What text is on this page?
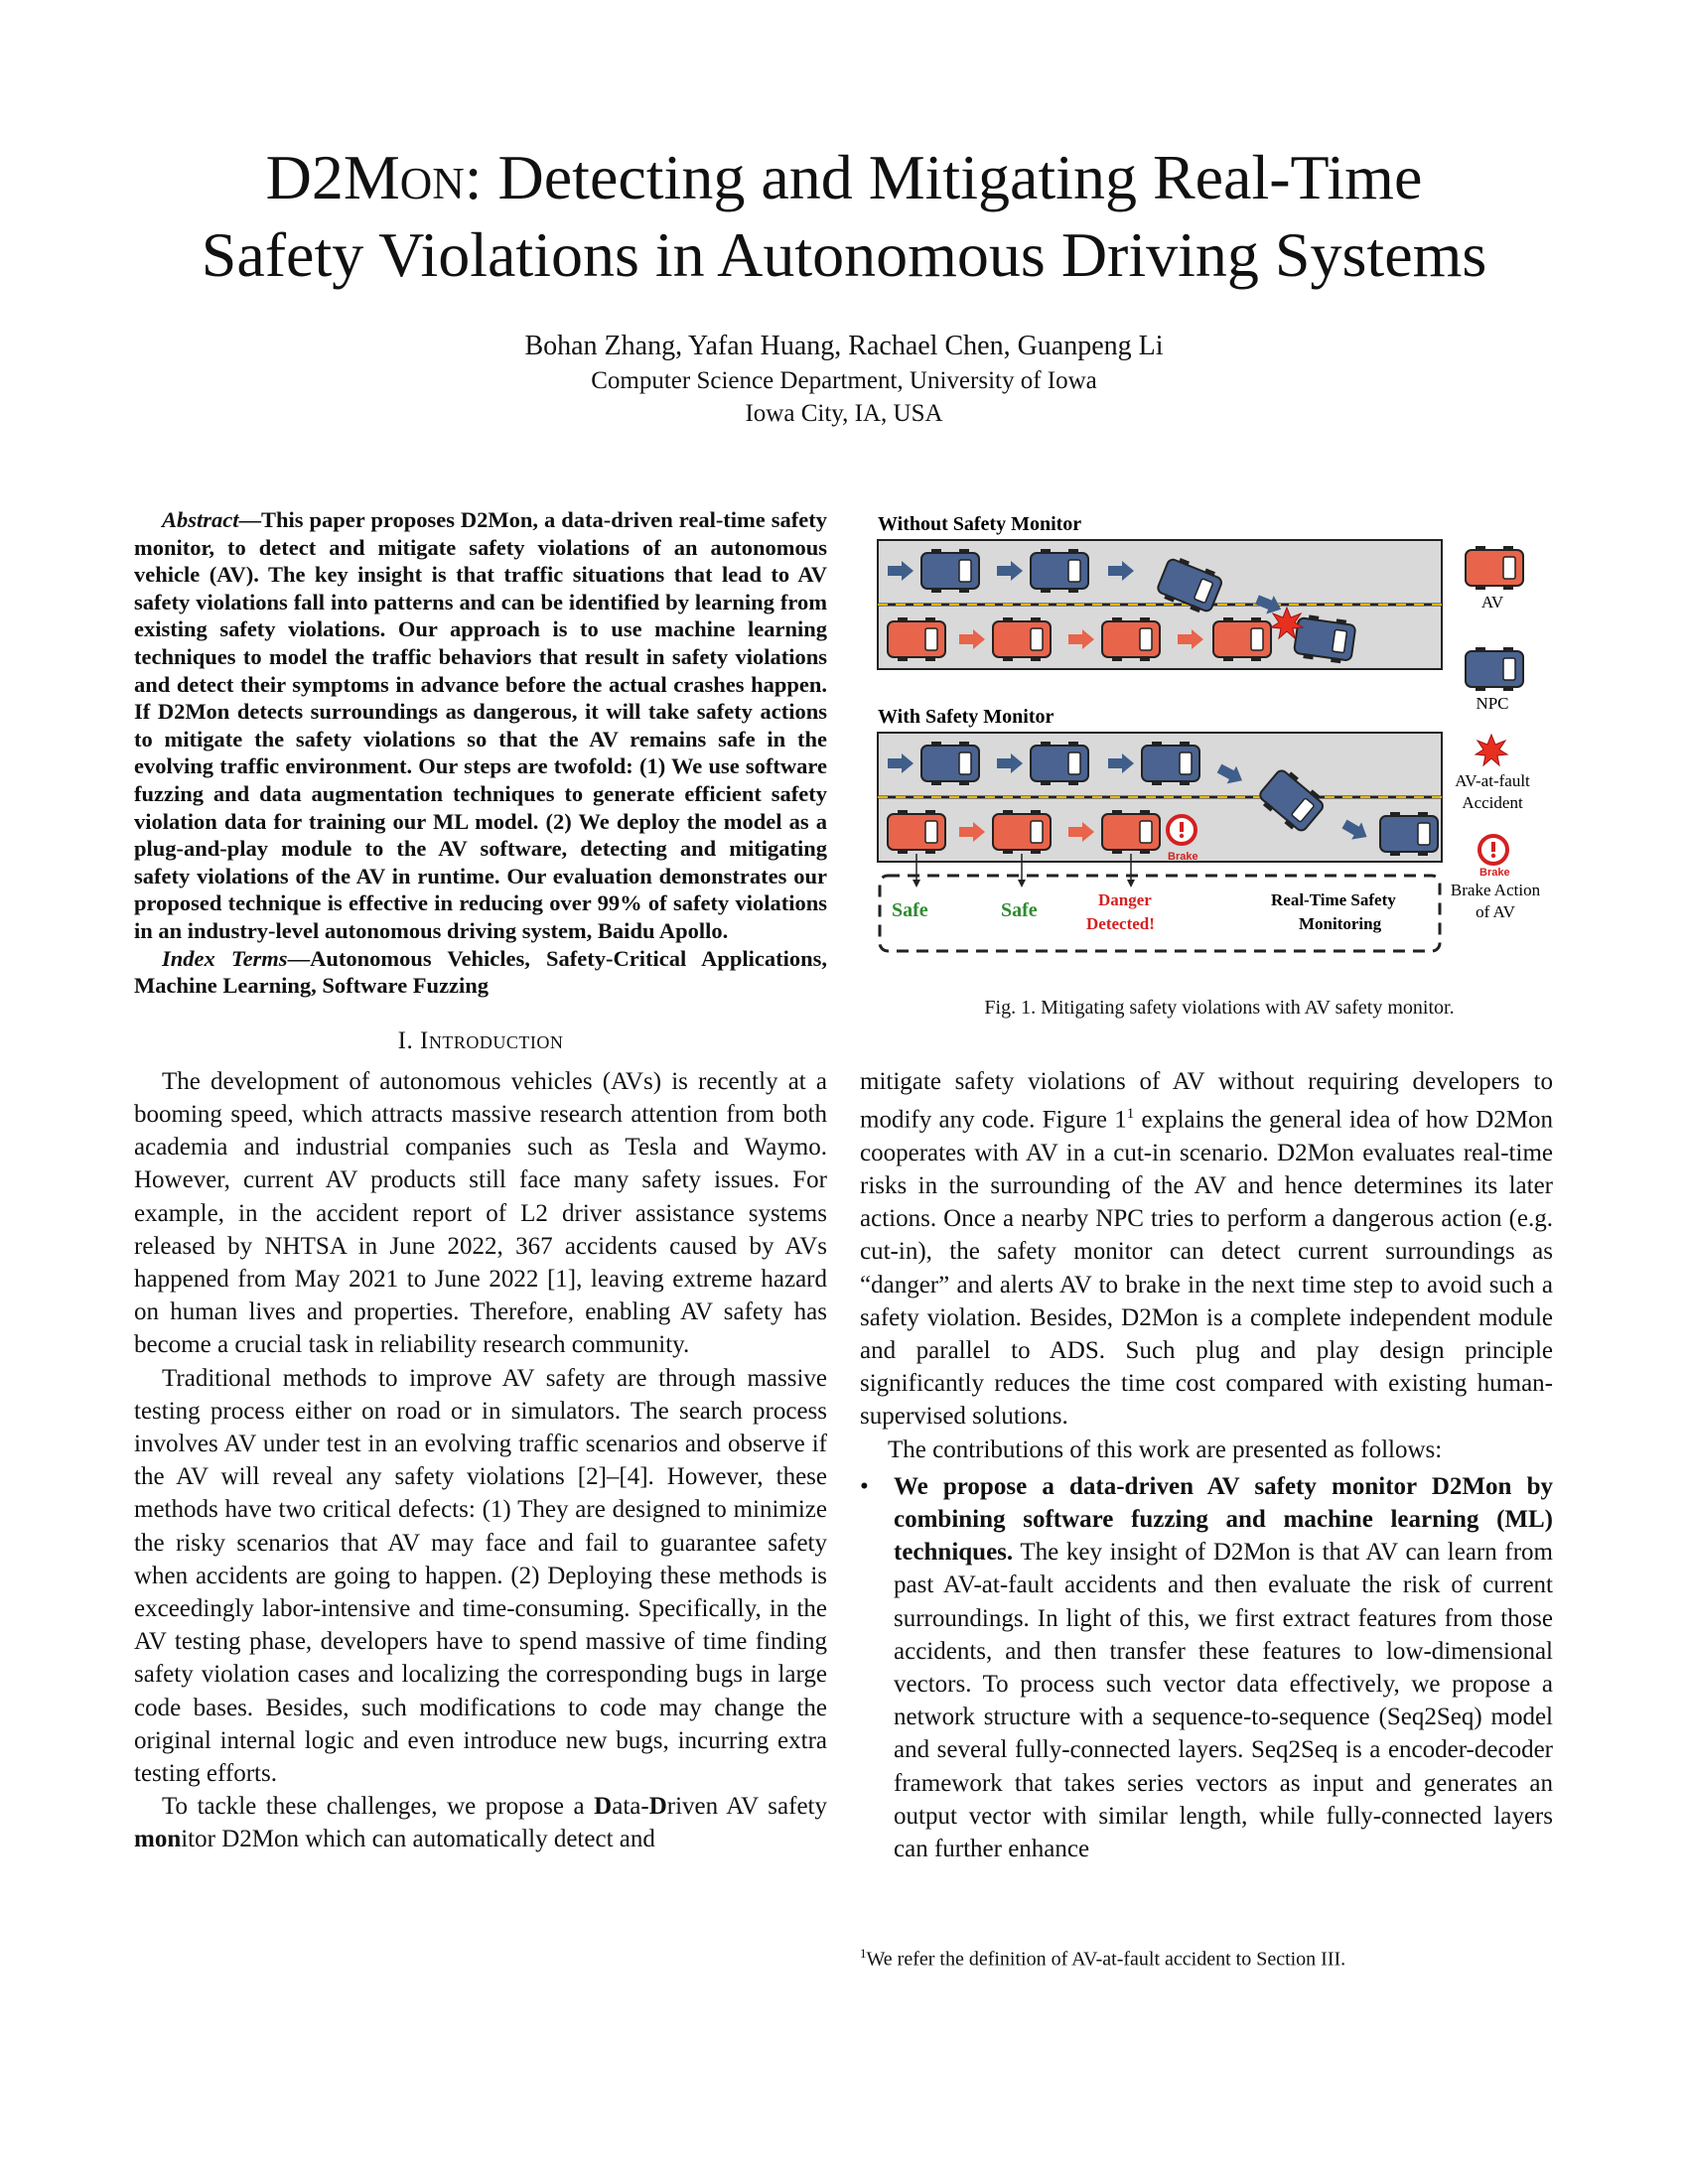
D2Mon: Detecting and Mitigating Real-Time
Safety Violations in Autonomous Driving Systems
Bohan Zhang, Yafan Huang, Rachael Chen, Guanpeng Li
Computer Science Department, University of Iowa
Iowa City, IA, USA

Abstract—This paper proposes D2Mon, a data-driven real-time safety monitor, to detect and mitigate safety violations of an autonomous vehicle (AV). The key insight is that traffic situations that lead to AV safety violations fall into patterns and can be identified by learning from existing safety violations. Our approach is to use machine learning techniques to model the traffic behaviors that result in safety violations and detect their symptoms in advance before the actual crashes happen. If D2Mon detects surroundings as dangerous, it will take safety actions to mitigate the safety violations so that the AV remains safe in the evolving traffic environment. Our steps are twofold: (1) We use software fuzzing and data augmentation techniques to generate efficient safety violation data for training our ML model. (2) We deploy the model as a plug-and-play module to the AV software, detecting and mitigating safety violations of the AV in runtime. Our evaluation demonstrates our proposed technique is effective in reducing over 99% of safety violations in an industry-level autonomous driving system, Baidu Apollo.

Index Terms—Autonomous Vehicles, Safety-Critical Applications, Machine Learning, Software Fuzzing

I. Introduction

The development of autonomous vehicles (AVs) is recently at a booming speed, which attracts massive research attention from both academia and industrial companies such as Tesla and Waymo. However, current AV products still face many safety issues. For example, in the accident report of L2 driver assistance systems released by NHTSA in June 2022, 367 accidents caused by AVs happened from May 2021 to June 2022 [1], leaving extreme hazard on human lives and properties. Therefore, enabling AV safety has become a crucial task in reliability research community.

Traditional methods to improve AV safety are through massive testing process either on road or in simulators. The search process involves AV under test in an evolving traffic scenarios and observe if the AV will reveal any safety violations [2]–[4]. However, these methods have two critical defects: (1) They are designed to minimize the risky scenarios that AV may face and fail to guarantee safety when accidents are going to happen. (2) Deploying these methods is exceedingly labor-intensive and time-consuming. Specifically, in the AV testing phase, developers have to spend massive of time finding safety violation cases and localizing the corresponding bugs in large code bases. Besides, such modifications to code may change the original internal logic and even introduce new bugs, incurring extra testing efforts.

To tackle these challenges, we propose a Data-Driven AV safety monitor D2Mon which can automatically detect and

Without Safety Monitor
With Safety Monitor
Brake
Safe	Safe	Danger
Detected!
Real-Time Safety
Monitoring
AV
NPC
AV-at-fault
Accident
Brake
Brake Action
of AV
Fig. 1. Mitigating safety violations with AV safety monitor.

mitigate safety violations of AV without requiring developers to modify any code. Figure $1^1$ explains the general idea of how D2Mon cooperates with AV in a cut-in scenario. D2Mon evaluates real-time risks in the surrounding of the AV and hence determines its later actions. Once a nearby NPC tries to perform a dangerous action (e.g. cut-in), the safety monitor can detect current surroundings as “danger” and alerts AV to brake in the next time step to avoid such a safety violation. Besides, D2Mon is a complete independent module and parallel to ADS. Such plug and play design principle significantly reduces the time cost compared with existing human-supervised solutions.

The contributions of this work are presented as follows:

•	We propose a data-driven AV safety monitor D2Mon by combining software fuzzing and machine learning (ML) techniques. The key insight of D2Mon is that AV can learn from past AV-at-fault accidents and then evaluate the risk of current surroundings. In light of this, we first extract features from those accidents, and then transfer these features to low-dimensional vectors. To process such vector data effectively, we propose a network structure with a sequence-to-sequence (Seq2Seq) model and several fully-connected layers. Seq2Seq is a encoder-decoder framework that takes series vectors as input and generates an output vector with similar length, while fully-connected layers can further enhance

$^1$We refer the definition of AV-at-fault accident to Section III.
